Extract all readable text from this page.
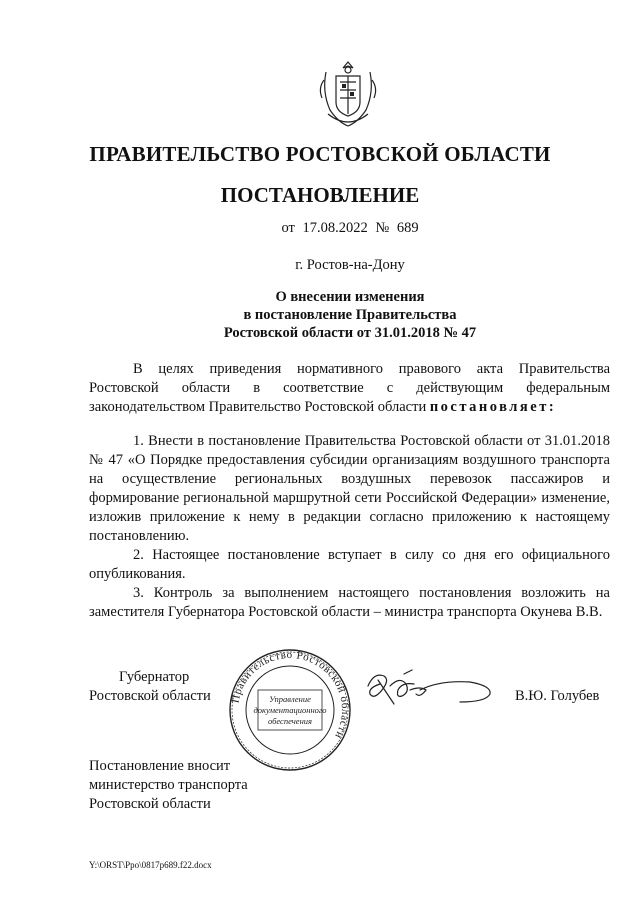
ПРАВИТЕЛЬСТВО РОСТОВСКОЙ ОБЛАСТИ
ПОСТАНОВЛЕНИЕ
от 17.08.2022 № 689
г. Ростов-на-Дону
О внесении изменения
в постановление Правительства
Ростовской области от 31.01.2018 № 47
В целях приведения нормативного правового акта Правительства Ростовской области в соответствие с действующим федеральным законодательством Правительство Ростовской области постановляет:

1. Внести в постановление Правительства Ростовской области от 31.01.2018 № 47 «О Порядке предоставления субсидии организациям воздушного транспорта на осуществление региональных воздушных перевозок пассажиров и формирование региональной маршрутной сети Российской Федерации» изменение, изложив приложение к нему в редакции согласно приложению к настоящему постановлению.

2. Настоящее постановление вступает в силу со дня его официального опубликования.

3. Контроль за выполнением настоящего постановления возложить на заместителя Губернатора Ростовской области – министра транспорта Окунева В.В.

Губернатор
Ростовской области Правительство Ростовской области
Управление
документационного
обеспечения
В.Ю. Голубев
Постановление вносит
министерство транспорта
Ростовской области
Y:\ORST\Ppo\0817p689.f22.docx
